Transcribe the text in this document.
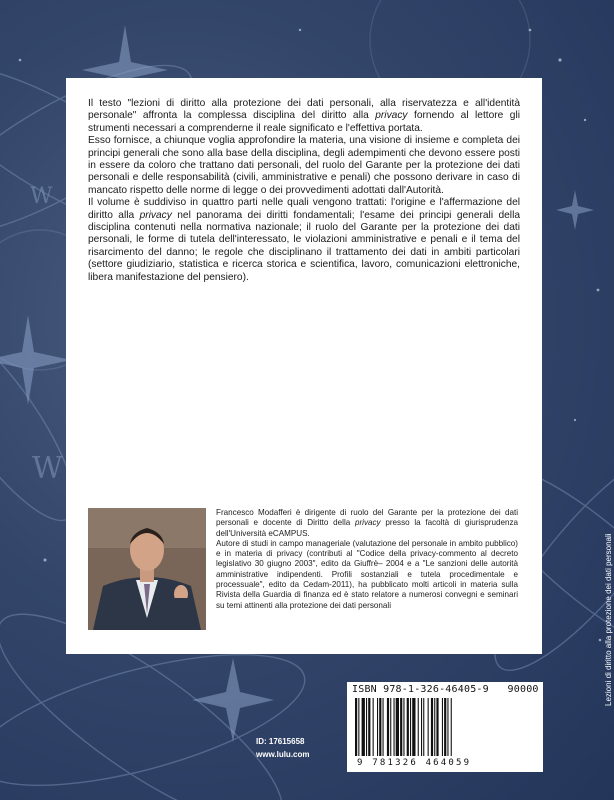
W
W

Il testo "lezioni di diritto alla protezione dei dati personali, alla riservatezza e all'identità personale" affronta la complessa disciplina del diritto alla privacy fornendo al lettore gli strumenti necessari a comprenderne il reale significato e l'effettiva portata.

Esso fornisce, a chiunque voglia approfondire la materia, una visione di insieme e completa dei principi generali che sono alla base della disciplina, degli adempimenti che devono essere posti in essere da coloro che trattano dati personali, del ruolo del Garante per la protezione dei dati personali e delle responsabilità (civili, amministrative e penali) che possono derivare in caso di mancato rispetto delle norme di legge o dei provvedimenti adottati dall'Autorità.

Il volume è suddiviso in quattro parti nelle quali vengono trattati: l'origine e l'affermazione del diritto alla privacy nel panorama dei diritti fondamentali; l'esame dei principi generali della disciplina contenuti nella normativa nazionale; il ruolo del Garante per la protezione dei dati personali, le forme di tutela dell'interessato, le violazioni amministrative e penali e il tema del risarcimento del danno; le regole che disciplinano il trattamento dei dati in ambiti particolari (settore giudiziario, statistica e ricerca storica e scientifica, lavoro, comunicazioni elettroniche, libera manifestazione del pensiero).

Francesco Modafferi è dirigente di ruolo del Garante per la protezione dei dati personali e docente di Diritto della privacy presso la facoltà di giurisprudenza dell'Università eCAMPUS.

Autore di studi in campo manageriale (valutazione del personale in ambito pubblico) e in materia di privacy (contributi al "Codice della privacy-commento al decreto legislativo 30 giugno 2003", edito da Giuffrè– 2004 e a "Le sanzioni delle autorità amministrative indipendenti. Profili sostanziali e tutela procedimentale e processuale", edito da Cedam-2011), ha pubblicato molti articoli in materia sulla Rivista della Guardia di finanza ed è stato relatore a numerosi convegni e seminari su temi attinenti alla protezione dei dati personali

ISBN 978-1-326-46405-9 90000
9 781326 464059
ID: 17615658
www.lulu.com
Lezioni di diritto alla protezione dei dati personali
